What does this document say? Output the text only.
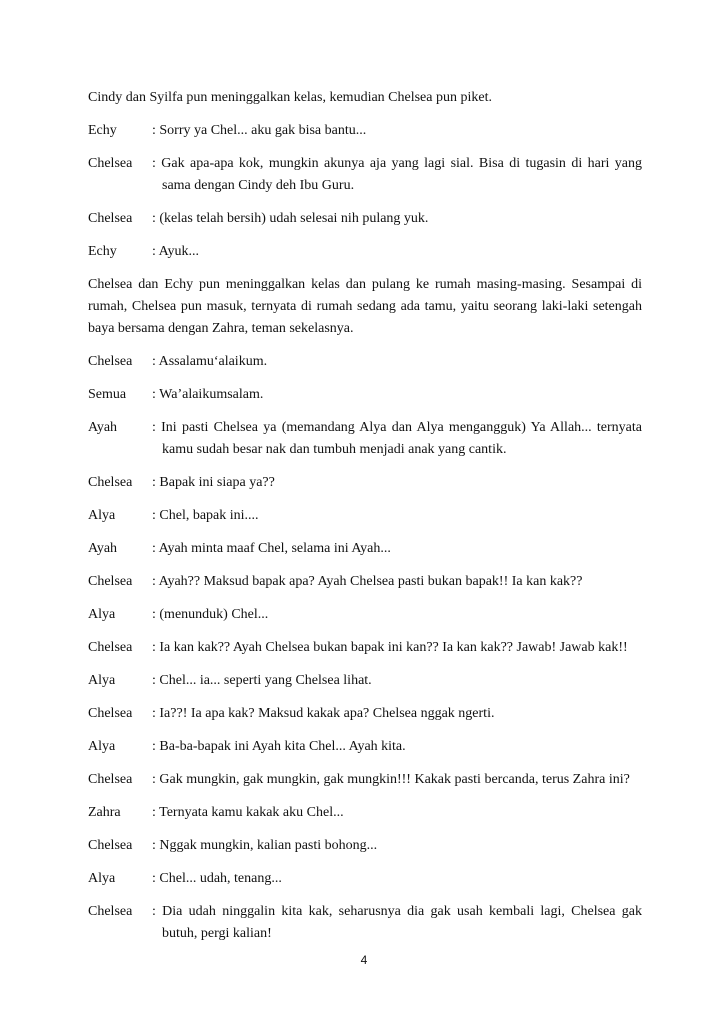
Cindy dan Syilfa pun meninggalkan kelas, kemudian Chelsea pun piket.

Echy	: Sorry ya Chel... aku gak bisa bantu...
Chelsea	: Gak apa-apa kok, mungkin akunya aja yang lagi sial. Bisa di tugasin di hari yang sama dengan Cindy deh Ibu Guru.
Chelsea	: (kelas telah bersih) udah selesai nih pulang yuk.
Echy	: Ayuk...

Chelsea dan Echy pun meninggalkan kelas dan pulang ke rumah masing-masing. Sesampai di rumah, Chelsea pun masuk, ternyata di rumah sedang ada tamu, yaitu seorang laki-laki setengah baya bersama dengan Zahra, teman sekelasnya.

Chelsea	: Assalamu‘alaikum.
Semua	: Wa’alaikumsalam.
Ayah	: Ini pasti Chelsea ya (memandang Alya dan Alya mengangguk) Ya Allah... ternyata kamu sudah besar nak dan tumbuh menjadi anak yang cantik.
Chelsea	: Bapak ini siapa ya??
Alya	: Chel, bapak ini....
Ayah	: Ayah minta maaf Chel, selama ini Ayah...
Chelsea	: Ayah?? Maksud bapak apa? Ayah Chelsea pasti bukan bapak!! Ia kan kak??
Alya	: (menunduk) Chel...
Chelsea	: Ia kan kak?? Ayah Chelsea bukan bapak ini kan?? Ia kan kak?? Jawab! Jawab kak!!
Alya	: Chel... ia... seperti yang Chelsea lihat.
Chelsea	: Ia??! Ia apa kak? Maksud kakak apa? Chelsea nggak ngerti.
Alya	: Ba-ba-bapak ini Ayah kita Chel... Ayah kita.
Chelsea	: Gak mungkin, gak mungkin, gak mungkin!!! Kakak pasti bercanda, terus Zahra ini?
Zahra	: Ternyata kamu kakak aku Chel...
Chelsea	: Nggak mungkin, kalian pasti bohong...
Alya	: Chel... udah, tenang...
Chelsea	: Dia udah ninggalin kita kak, seharusnya dia gak usah kembali lagi, Chelsea gak butuh, pergi kalian!
4
